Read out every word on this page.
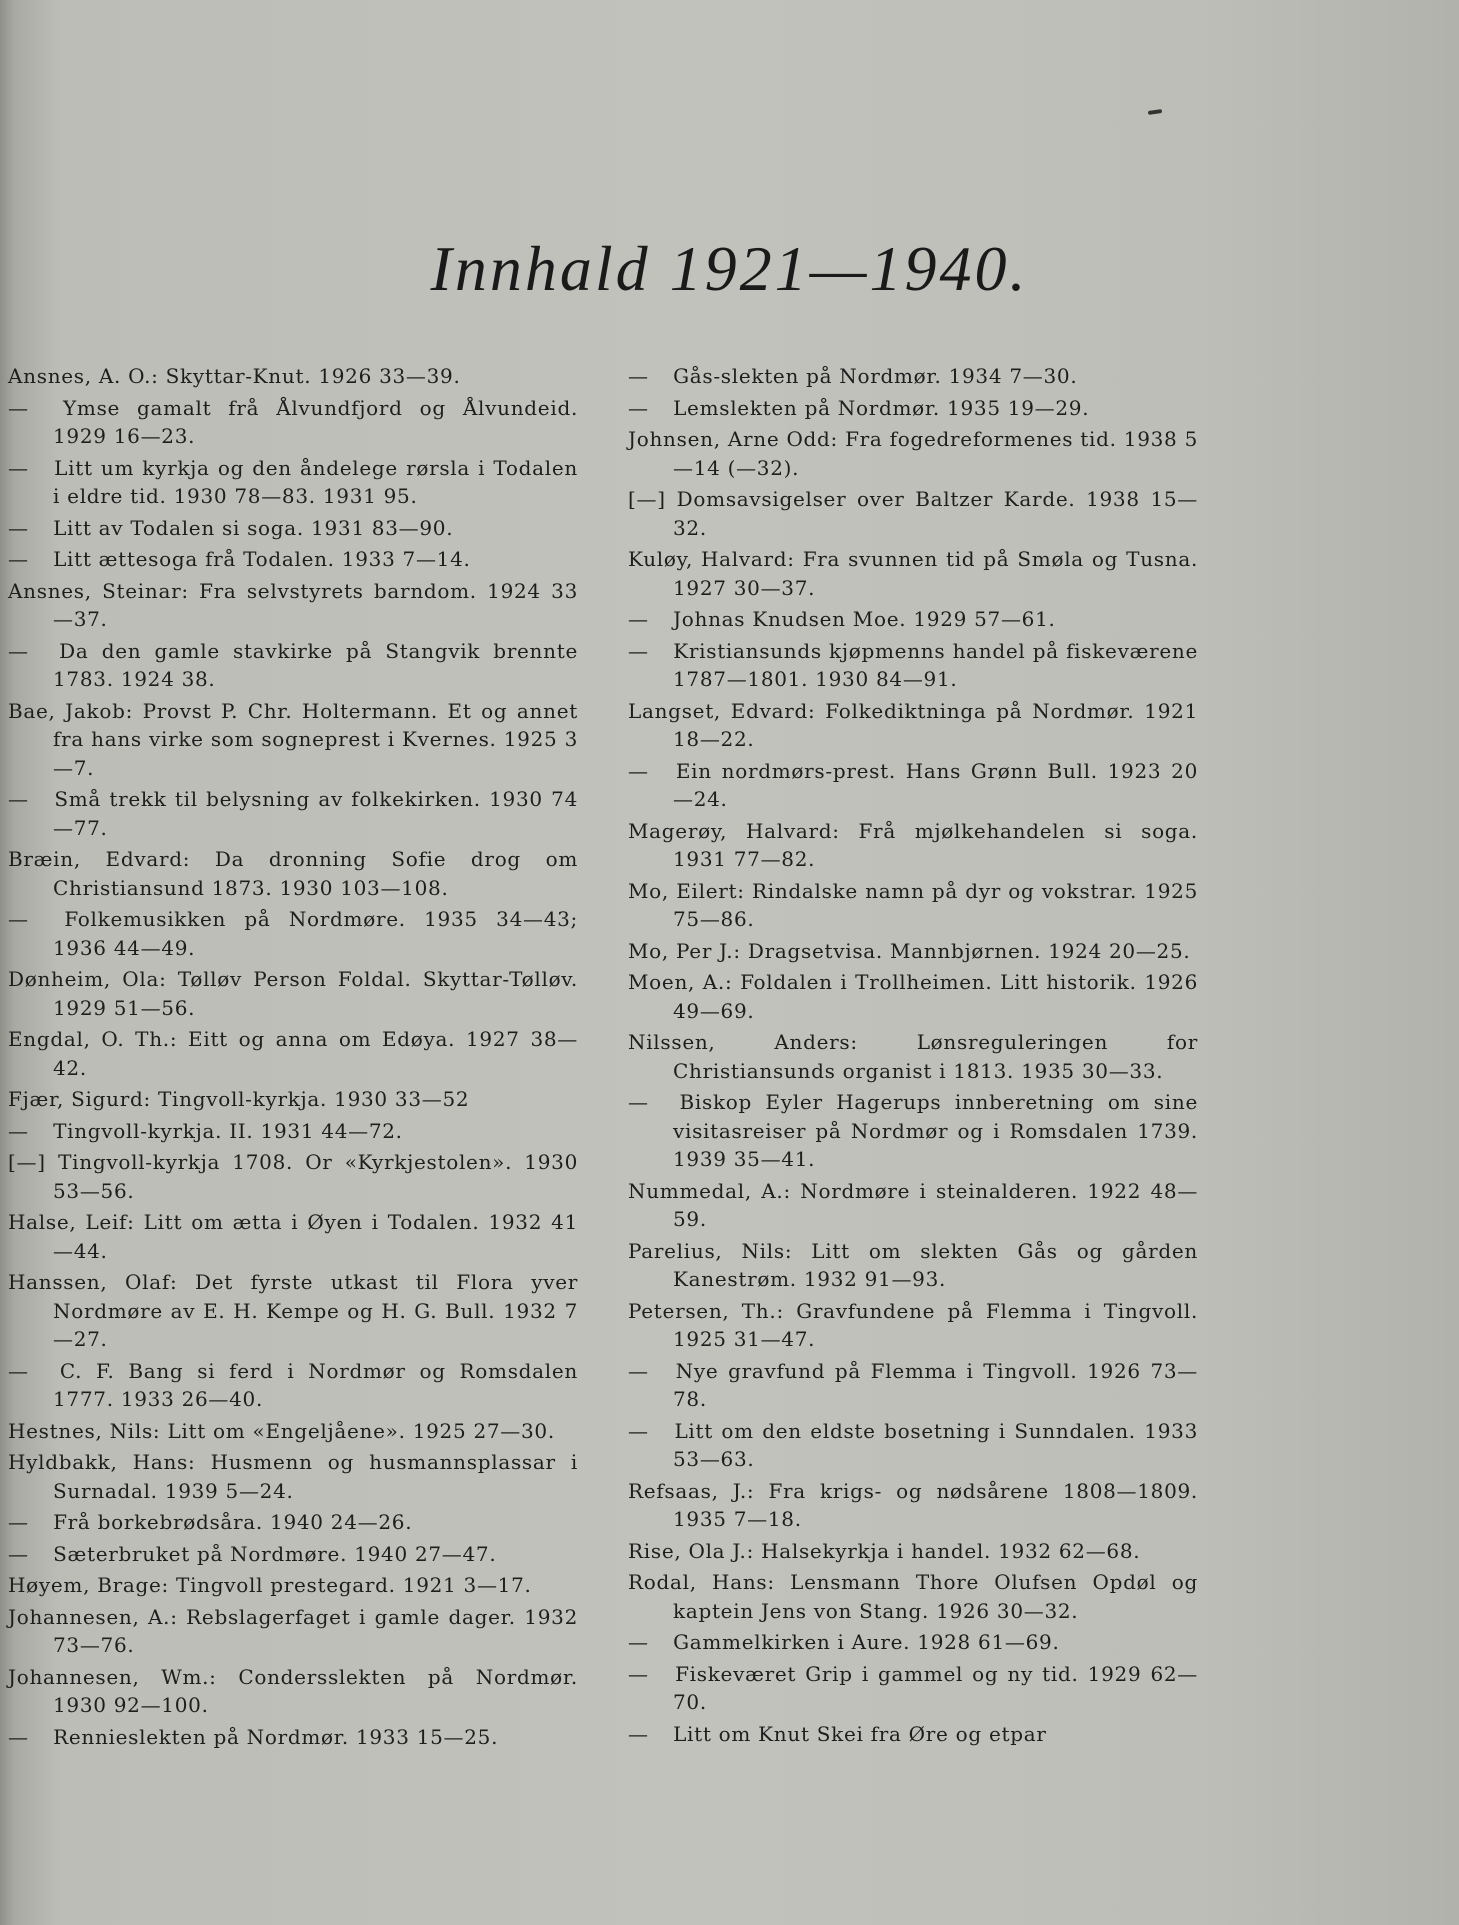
Innhald 1921—1940.

Ansnes, A. O.: Skyttar-Knut. 1926 33—39.

— Ymse gamalt frå Ålvundfjord og Ålvundeid. 1929 16—23.

— Litt um kyrkja og den åndelege rørsla i Todalen i eldre tid. 1930 78—83. 1931 95.

— Litt av Todalen si soga. 1931 83—90.

— Litt ættesoga frå Todalen. 1933 7—14.

Ansnes, Steinar: Fra selvstyrets barndom. 1924 33—37.

— Da den gamle stavkirke på Stangvik brennte 1783. 1924 38.

Bae, Jakob: Provst P. Chr. Holtermann. Et og annet fra hans virke som sogneprest i Kvernes. 1925 3—7.

— Små trekk til belysning av folkekirken. 1930 74—77.

Bræin, Edvard: Da dronning Sofie drog om Christiansund 1873. 1930 103—108.

— Folkemusikken på Nordmøre. 1935 34—43; 1936 44—49.

Dønheim, Ola: Tølløv Person Foldal. Skyttar-Tølløv. 1929 51—56.

Engdal, O. Th.: Eitt og anna om Edøya. 1927 38—42.

Fjær, Sigurd: Tingvoll-kyrkja. 1930 33—52

— Tingvoll-kyrkja. II. 1931 44—72.

[—] Tingvoll-kyrkja 1708. Or «Kyrkjestolen». 1930 53—56.

Halse, Leif: Litt om ætta i Øyen i Todalen. 1932 41—44.

Hanssen, Olaf: Det fyrste utkast til Flora yver Nordmøre av E. H. Kempe og H. G. Bull. 1932 7—27.

— C. F. Bang si ferd i Nordmør og Romsdalen 1777. 1933 26—40.

Hestnes, Nils: Litt om «Engeljåene». 1925 27—30.

Hyldbakk, Hans: Husmenn og husmannsplassar i Surnadal. 1939 5—24.

— Frå borkebrødsåra. 1940 24—26.

— Sæterbruket på Nordmøre. 1940 27—47.

Høyem, Brage: Tingvoll prestegard. 1921 3—17.

Johannesen, A.: Rebslagerfaget i gamle dager. 1932 73—76.

Johannesen, Wm.: Condersslekten på Nordmør. 1930 92—100.

— Rennieslekten på Nordmør. 1933 15—25.

— Gås-slekten på Nordmør. 1934 7—30.

— Lemslekten på Nordmør. 1935 19—29.

Johnsen, Arne Odd: Fra fogedreformenes tid. 1938 5—14 (—32).

[—] Domsavsigelser over Baltzer Karde. 1938 15—32.

Kuløy, Halvard: Fra svunnen tid på Smøla og Tusna. 1927 30—37.

— Johnas Knudsen Moe. 1929 57—61.

— Kristiansunds kjøpmenns handel på fiskeværene 1787—1801. 1930 84—91.

Langset, Edvard: Folkediktninga på Nordmør. 1921 18—22.

— Ein nordmørs-prest. Hans Grønn Bull. 1923 20—24.

Magerøy, Halvard: Frå mjølkehandelen si soga. 1931 77—82.

Mo, Eilert: Rindalske namn på dyr og vokstrar. 1925 75—86.

Mo, Per J.: Dragsetvisa. Mannbjørnen. 1924 20—25.

Moen, A.: Foldalen i Trollheimen. Litt historik. 1926 49—69.

Nilssen, Anders:	Lønsreguleringen for Christiansunds organist i 1813. 1935 30—33.

— Biskop Eyler Hagerups innberetning om sine visitasreiser på Nordmør og i Romsdalen 1739. 1939 35—41.

Nummedal, A.: Nordmøre i steinalderen. 1922 48—59.

Parelius, Nils: Litt om slekten Gås og gården Kanestrøm. 1932 91—93.

Petersen, Th.: Gravfundene på Flemma i Tingvoll. 1925 31—47.

— Nye gravfund på Flemma i Tingvoll. 1926 73—78.

— Litt om den eldste bosetning i Sunndalen. 1933 53—63.

Refsaas, J.: Fra krigs- og nødsårene 1808—1809. 1935 7—18.

Rise, Ola J.: Halsekyrkja i handel. 1932 62—68.

Rodal, Hans: Lensmann Thore Olufsen Opdøl og kaptein Jens von Stang. 1926 30—32.

— Gammelkirken i Aure. 1928 61—69.

— Fiskeværet Grip i gammel og ny tid. 1929 62—70.

— Litt om Knut Skei fra Øre og etpar
